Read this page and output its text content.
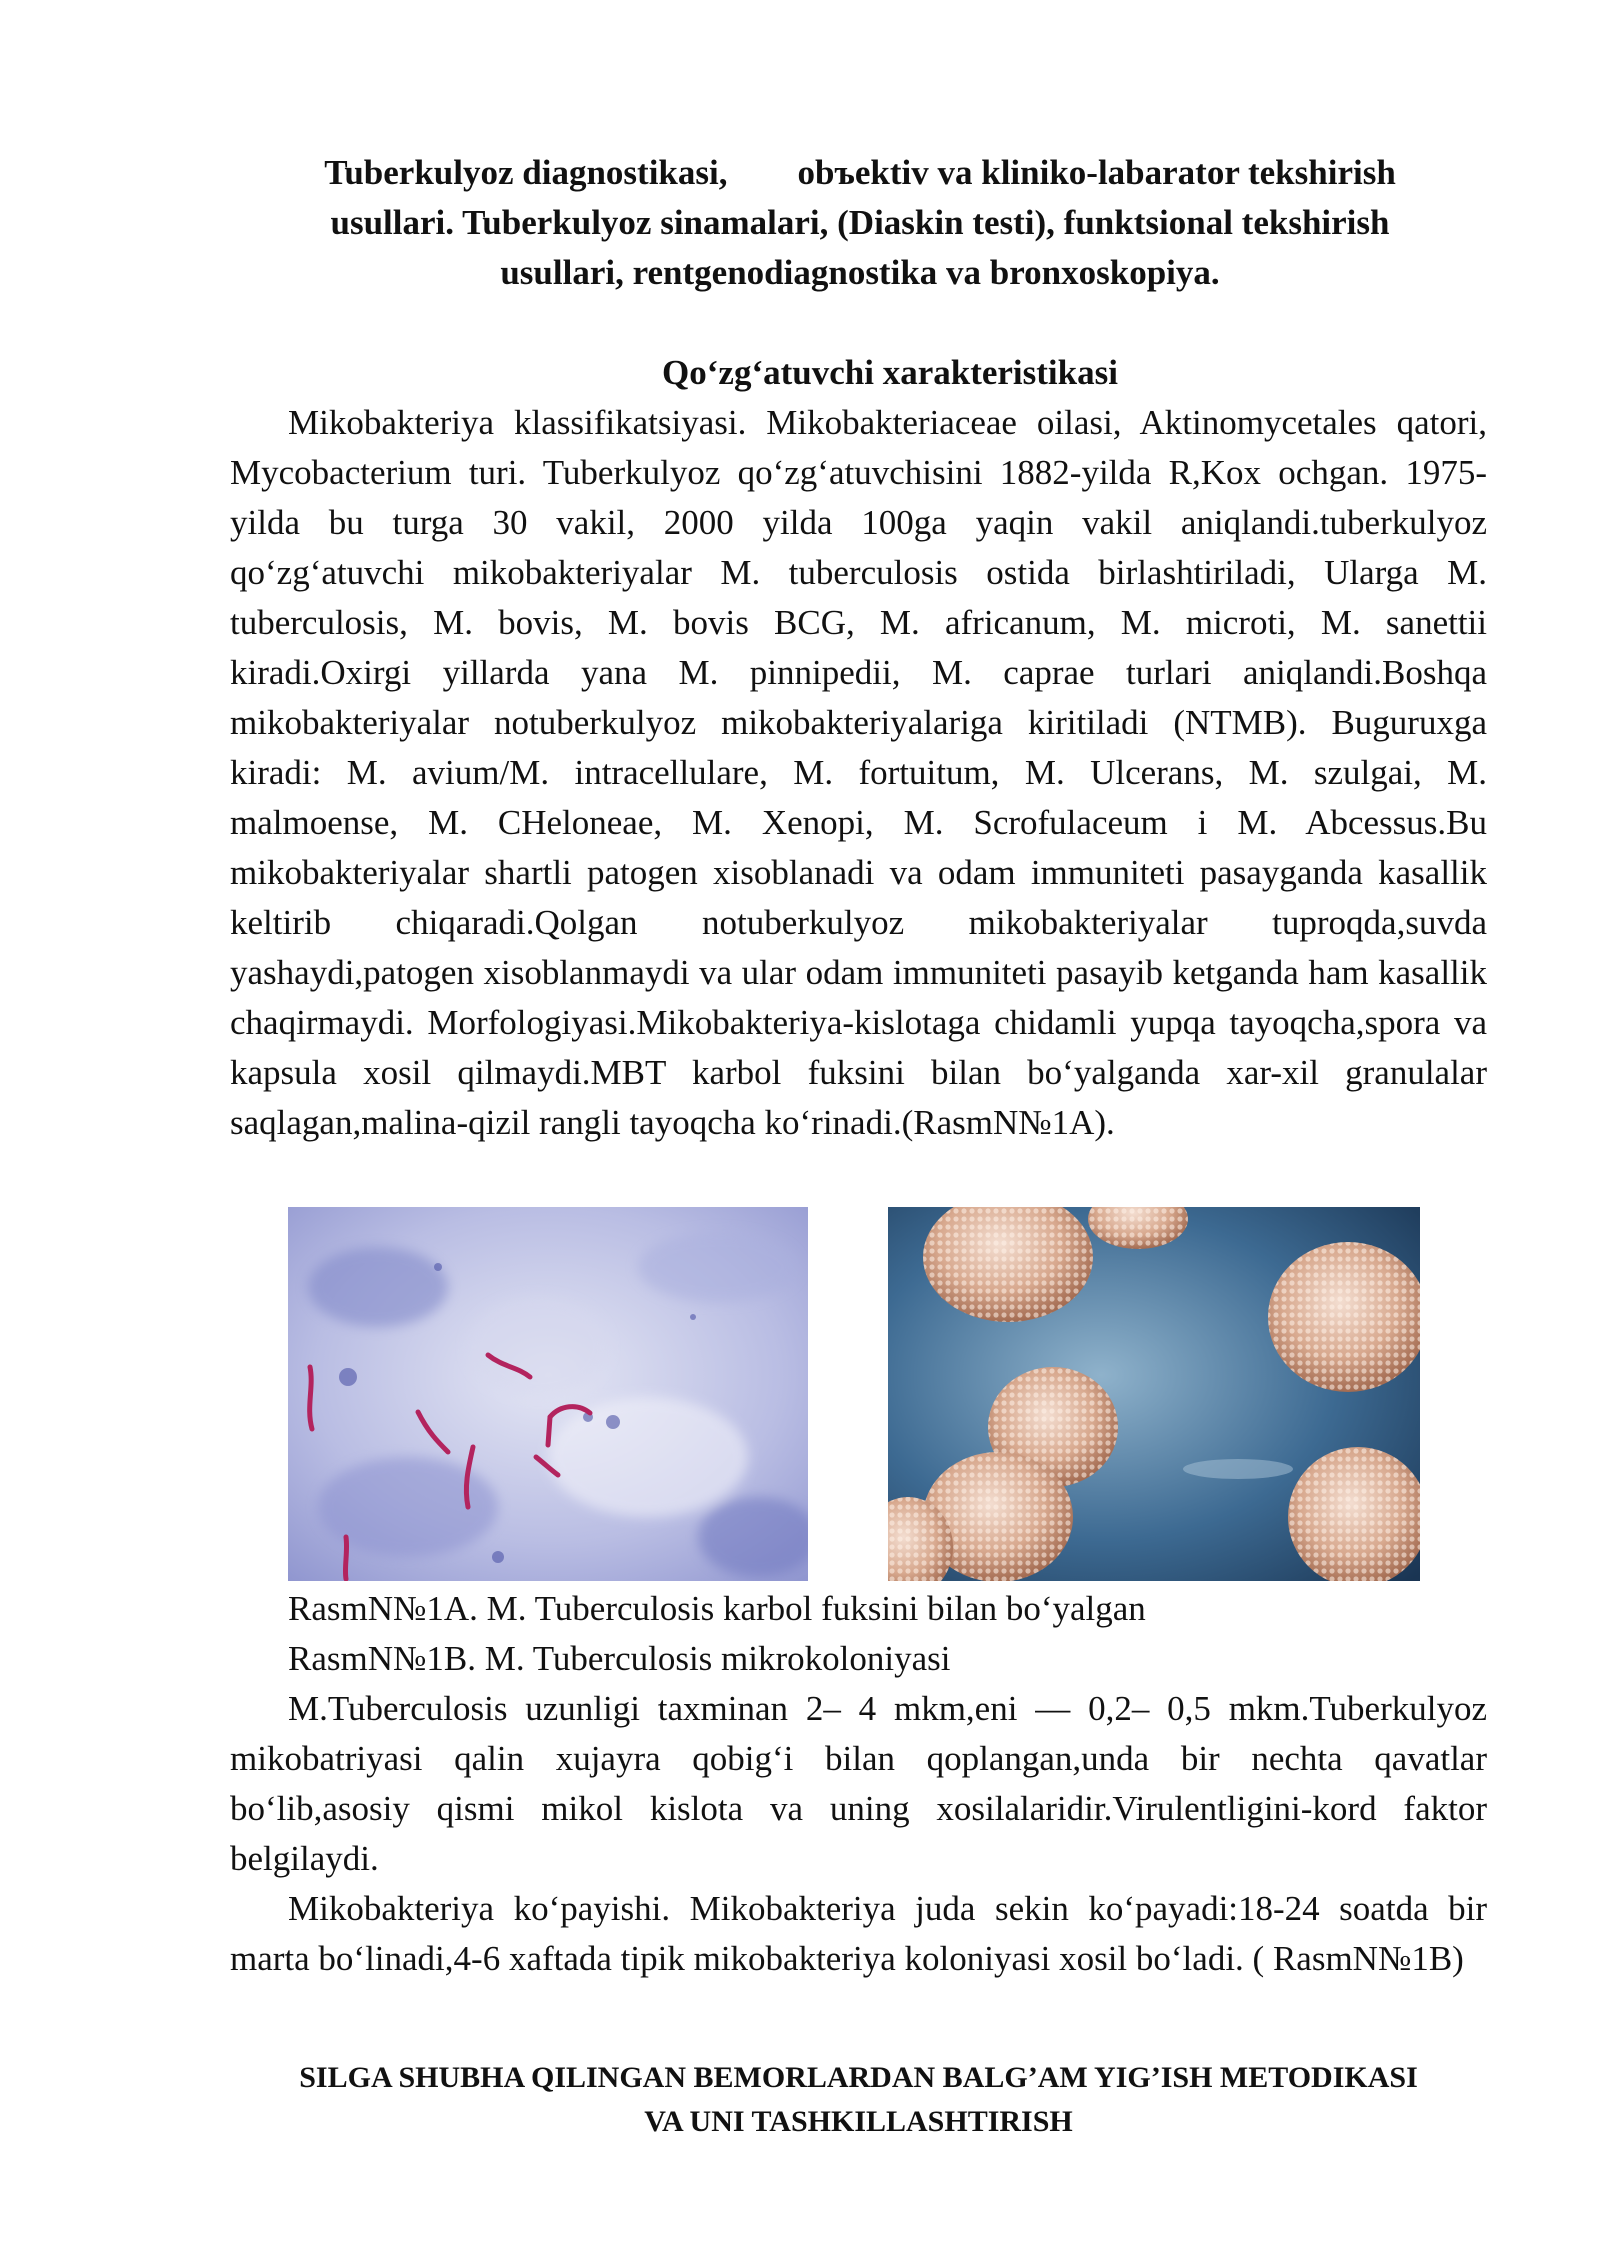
Tuberkulyoz diagnostikasi, obъektiv va kliniko-labarator tekshirish
usullari. Tuberkulyoz sinamalari, (Diaskin testi), funktsional tekshirish
usullari, rentgenodiagnostika va bronxoskopiya.
Qo‘zg‘atuvchi xarakteristikasi

Mikobakteriya klassifikatsiyasi. Mikobakteriaceae oilasi, Aktinomycetales qatori, Mycobacterium turi. Tuberkulyoz qo‘zg‘atuvchisini 1882-yilda R,Kox ochgan. 1975-yilda bu turga 30 vakil, 2000 yilda 100ga yaqin vakil aniqlandi.tuberkulyoz qo‘zg‘atuvchi mikobakteriyalar M. tuberculosis ostida birlashtiriladi, Ularga M. tuberculosis, M. bovis, M. bovis BCG, M. africanum, M. microti, M. sanettii kiradi.Oxirgi yillarda yana M. pinnipedii, M. caprae turlari aniqlandi.Boshqa mikobakteriyalar notuberkulyoz mikobakteriyalariga kiritiladi (NTMB). Buguruxga kiradi: M. avium/M. intracellulare, M. fortuitum, M. Ulcerans, M. szulgai, M. malmoense, M. CHeloneae, M. Xenopi, M. Scrofulaceum i M. Abcessus.Bu mikobakteriyalar shartli patogen xisoblanadi va odam immuniteti pasayganda kasallik keltirib chiqaradi.Qolgan notuberkulyoz mikobakteriyalar tuproqda,suvda yashaydi,patogen xisoblanmaydi va ular odam immuniteti pasayib ketganda ham kasallik chaqirmaydi. Morfologiyasi.Mikobakteriya-kislotaga chidamli yupqa tayoqcha,spora va kapsula xosil qilmaydi.MBT karbol fuksini bilan bo‘yalganda xar-xil granulalar saqlagan,malina-qizil rangli tayoqcha ko‘rinadi.(RasmN№1A).

RasmN№1A. M. Tuberculosis karbol fuksini bilan bo‘yalgan

RasmN№1B. M. Tuberculosis mikrokoloniyasi

M.Tuberculosis uzunligi taxminan 2– 4 mkm,eni — 0,2– 0,5 mkm.Tuberkulyoz mikobatriyasi qalin xujayra qobig‘i bilan qoplangan,unda bir nechta qavatlar bo‘lib,asosiy qismi mikol kislota va uning xosilalaridir.Virulentligini-kord faktor belgilaydi.

Mikobakteriya ko‘payishi. Mikobakteriya juda sekin ko‘payadi:18-24 soatda bir marta bo‘linadi,4-6 xaftada tipik mikobakteriya koloniyasi xosil bo‘ladi. ( RasmN№1B)

SILGA SHUBHA QILINGAN BEMORLARDAN BALG’AM YIG’ISH METODIKASI
VA UNI TASHKILLASHTIRISH
